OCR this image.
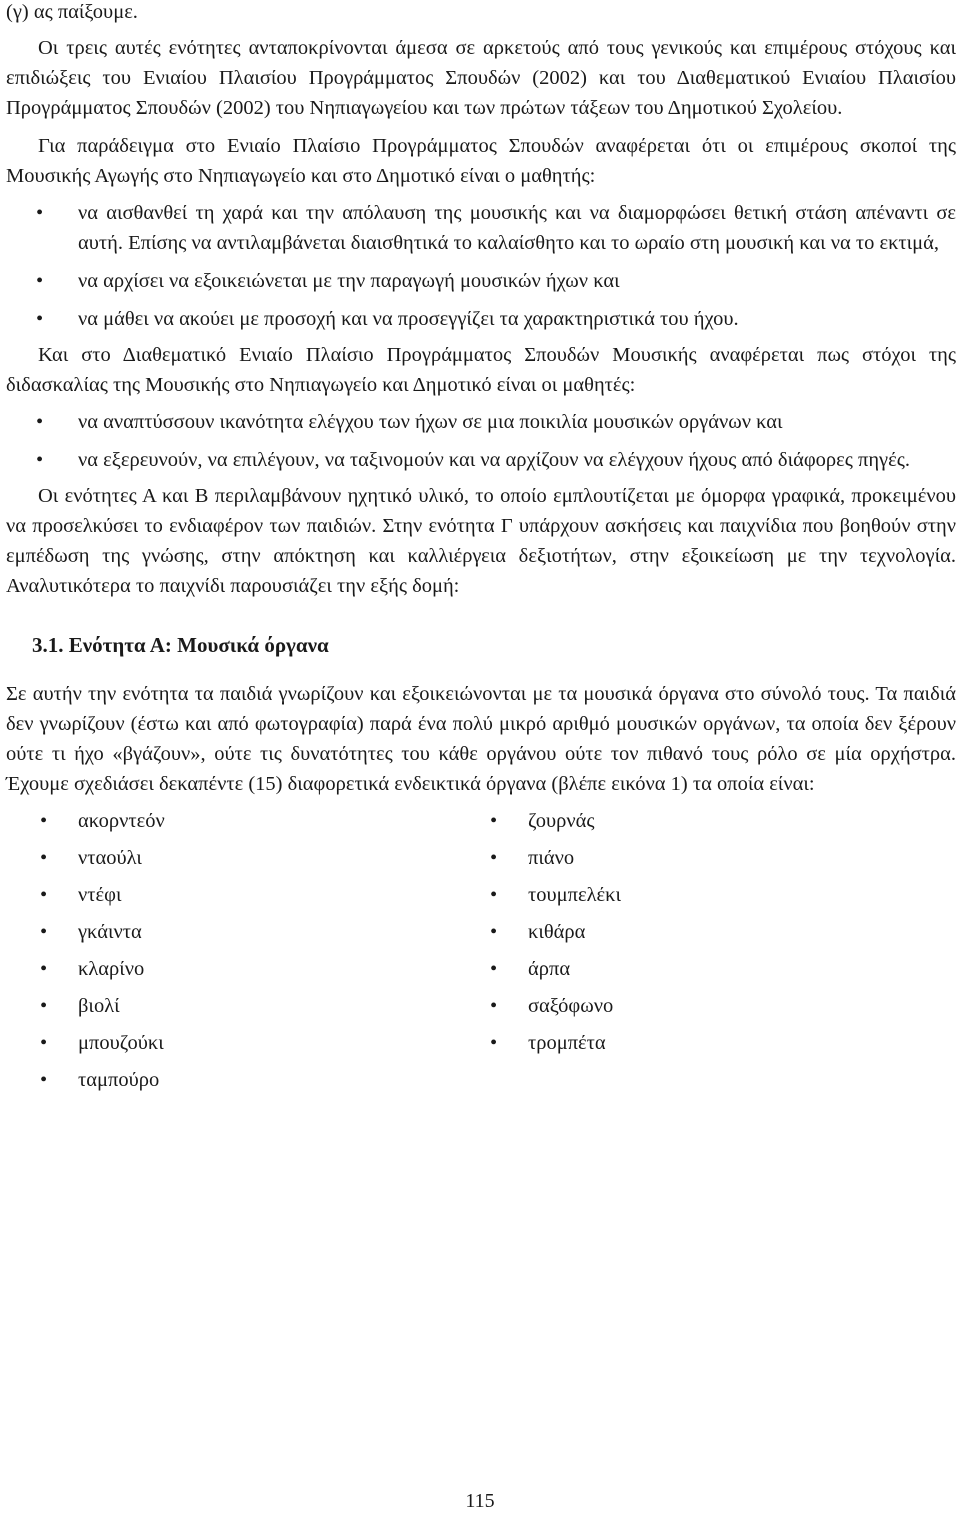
(γ) ας παίξουμε.

Οι τρεις αυτές ενότητες ανταποκρίνονται άμεσα σε αρκετούς από τους γενικούς και επιμέρους στόχους και επιδιώξεις του Ενιαίου Πλαισίου Προγράμματος Σπουδών (2002) και του Διαθεματικού Ενιαίου Πλαισίου Προγράμματος Σπουδών (2002) του Νηπιαγωγείου και των πρώτων τάξεων του Δημοτικού Σχολείου.

Για παράδειγμα στο Ενιαίο Πλαίσιο Προγράμματος Σπουδών αναφέρεται ότι οι επιμέρους σκοποί της Μουσικής Αγωγής στο Νηπιαγωγείο και στο Δημοτικό είναι ο μαθητής:

• να αισθανθεί τη χαρά και την απόλαυση της μουσικής και να διαμορφώσει θετική στάση απέναντι σε αυτή. Επίσης να αντιλαμβάνεται διαισθητικά το καλαίσθητο και το ωραίο στη μουσική και να το εκτιμά,
• να αρχίσει να εξοικειώνεται με την παραγωγή μουσικών ήχων και
• να μάθει να ακούει με προσοχή και να προσεγγίζει τα χαρακτηριστικά του ήχου.

Και στο Διαθεματικό Ενιαίο Πλαίσιο Προγράμματος Σπουδών Μουσικής αναφέρεται πως στόχοι της διδασκαλίας της Μουσικής στο Νηπιαγωγείο και Δημοτικό είναι οι μαθητές:

• να αναπτύσσουν ικανότητα ελέγχου των ήχων σε μια ποικιλία μουσικών οργάνων και
• να εξερευνούν, να επιλέγουν, να ταξινομούν και να αρχίζουν να ελέγχουν ήχους από διάφορες πηγές.

Οι ενότητες Α και Β περιλαμβάνουν ηχητικό υλικό, το οποίο εμπλουτίζεται με όμορφα γραφικά, προκειμένου να προσελκύσει το ενδιαφέρον των παιδιών. Στην ενότητα Γ υπάρχουν ασκήσεις και παιχνίδια που βοηθούν στην εμπέδωση της γνώσης, στην απόκτηση και καλλιέργεια δεξιοτήτων, στην εξοικείωση με την τεχνολογία. Αναλυτικότερα το παιχνίδι παρουσιάζει την εξής δομή:

3.1. Ενότητα Α: Μουσικά όργανα

Σε αυτήν την ενότητα τα παιδιά γνωρίζουν και εξοικειώνονται με τα μουσικά όργανα στο σύνολό τους. Τα παιδιά δεν γνωρίζουν (έστω και από φωτογραφία) παρά ένα πολύ μικρό αριθμό μουσικών οργάνων, τα οποία δεν ξέρουν ούτε τι ήχο «βγάζουν», ούτε τις δυνατότητες του κάθε οργάνου ούτε τον πιθανό τους ρόλο σε μία ορχήστρα. Έχουμε σχεδιάσει δεκαπέντε (15) διαφορετικά ενδεικτικά όργανα (βλέπε εικόνα 1) τα οποία είναι:

• ακορντεόν
• νταούλι
• ντέφι
• γκάιντα
• κλαρίνο
• βιολί
• μπουζούκι
• ταμπούρο
• ζουρνάς
• πιάνο
• τουμπελέκι
• κιθάρα
• άρπα
• σαξόφωνο
• τρομπέτα
115
